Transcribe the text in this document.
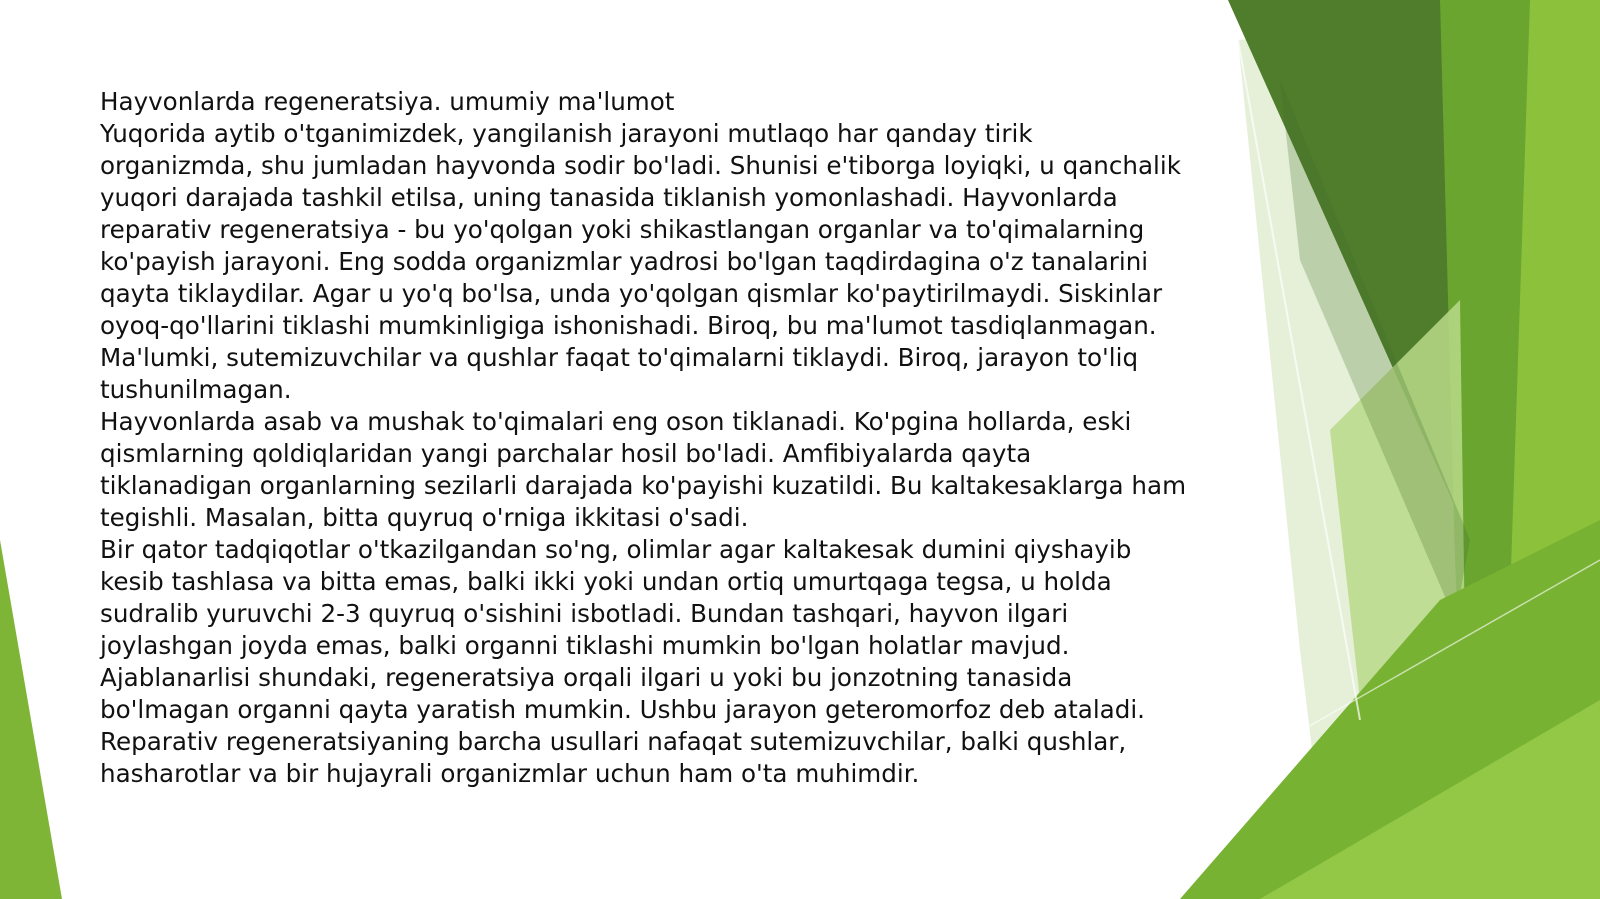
Hayvonlarda regeneratsiya. umumiy ma'lumot
Yuqorida aytib o'tganimizdek, yangilanish jarayoni mutlaqo har qanday tirik
organizmda, shu jumladan hayvonda sodir bo'ladi. Shunisi e'tiborga loyiqki, u qanchalik
yuqori darajada tashkil etilsa, uning tanasida tiklanish yomonlashadi. Hayvonlarda
reparativ regeneratsiya - bu yo'qolgan yoki shikastlangan organlar va to'qimalarning
ko'payish jarayoni. Eng sodda organizmlar yadrosi bo'lgan taqdirdagina o'z tanalarini
qayta tiklaydilar. Agar u yo'q bo'lsa, unda yo'qolgan qismlar ko'paytirilmaydi. Siskinlar
oyoq-qo'llarini tiklashi mumkinligiga ishonishadi. Biroq, bu ma'lumot tasdiqlanmagan.
Ma'lumki, sutemizuvchilar va qushlar faqat to'qimalarni tiklaydi. Biroq, jarayon to'liq
tushunilmagan.
Hayvonlarda asab va mushak to'qimalari eng oson tiklanadi. Ko'pgina hollarda, eski
qismlarning qoldiqlaridan yangi parchalar hosil bo'ladi. Amfibiyalarda qayta
tiklanadigan organlarning sezilarli darajada ko'payishi kuzatildi. Bu kaltakesaklarga ham
tegishli. Masalan, bitta quyruq o'rniga ikkitasi o'sadi.
Bir qator tadqiqotlar o'tkazilgandan so'ng, olimlar agar kaltakesak dumini qiyshayib
kesib tashlasa va bitta emas, balki ikki yoki undan ortiq umurtqaga tegsa, u holda
sudralib yuruvchi 2-3 quyruq o'sishini isbotladi. Bundan tashqari, hayvon ilgari
joylashgan joyda emas, balki organni tiklashi mumkin bo'lgan holatlar mavjud.
Ajablanarlisi shundaki, regeneratsiya orqali ilgari u yoki bu jonzotning tanasida
bo'lmagan organni qayta yaratish mumkin. Ushbu jarayon geteromorfoz deb ataladi.
Reparativ regeneratsiyaning barcha usullari nafaqat sutemizuvchilar, balki qushlar,
hasharotlar va bir hujayrali organizmlar uchun ham o'ta muhimdir.
